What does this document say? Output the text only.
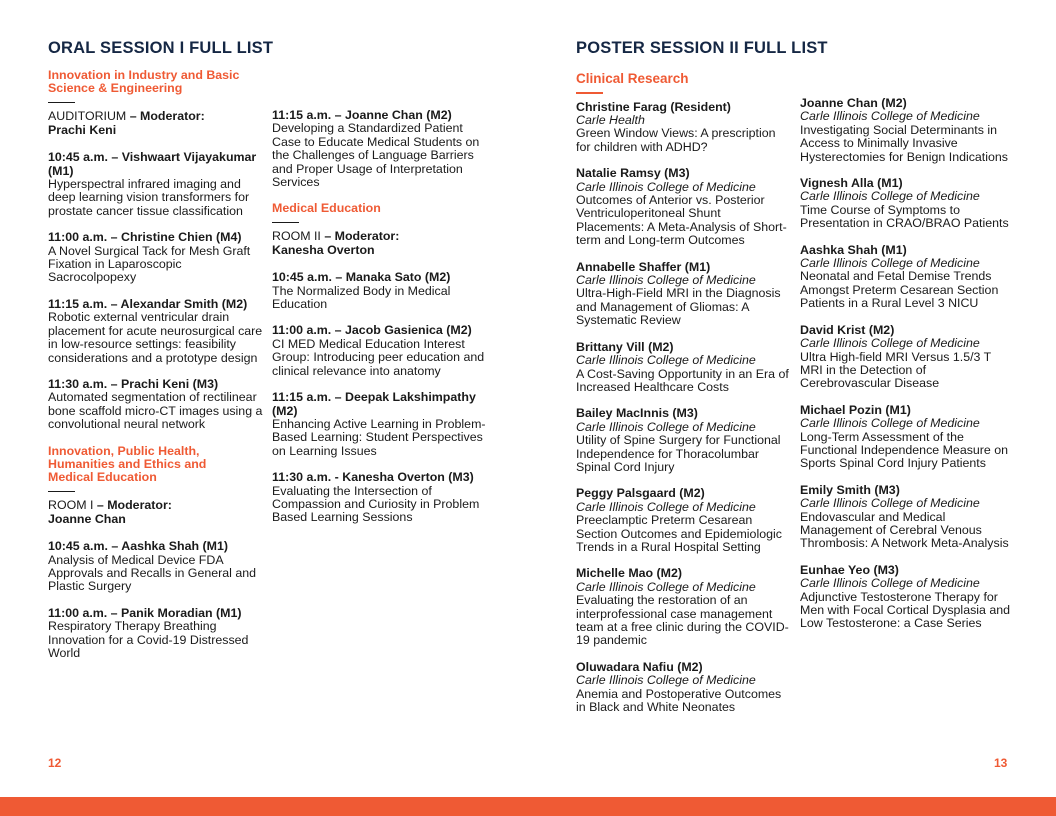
ORAL SESSION I FULL LIST
Innovation in Industry and Basic Science & Engineering
AUDITORIUM – Moderator:
Prachi Keni
10:45 a.m. – Vishwaart Vijayakumar (M1)
Hyperspectral infrared imaging and deep learning vision transformers for prostate cancer tissue classification
11:00 a.m. – Christine Chien (M4)
A Novel Surgical Tack for Mesh Graft Fixation in Laparoscopic Sacrocolpopexy
11:15 a.m. – Alexandar Smith (M2)
Robotic external ventricular drain placement for acute neurosurgical care in low-resource settings: feasibility considerations and a prototype design
11:30 a.m. – Prachi Keni (M3)
Automated segmentation of rectilinear bone scaffold micro-CT images using a convolutional neural network
Innovation, Public Health, Humanities and Ethics and Medical Education
ROOM I – Moderator:
Joanne Chan
10:45 a.m. – Aashka Shah (M1)
Analysis of Medical Device FDA Approvals and Recalls in General and Plastic Surgery
11:00 a.m. – Panik Moradian (M1)
Respiratory Therapy Breathing Innovation for a Covid-19 Distressed World
11:15 a.m. – Joanne Chan (M2)
Developing a Standardized Patient Case to Educate Medical Students on the Challenges of Language Barriers and Proper Usage of Interpretation Services
Medical Education
ROOM II – Moderator:
Kanesha Overton
10:45 a.m. – Manaka Sato (M2)
The Normalized Body in Medical Education
11:00 a.m. – Jacob Gasienica (M2)
CI MED Medical Education Interest Group: Introducing peer education and clinical relevance into anatomy
11:15 a.m. – Deepak Lakshimpathy (M2)
Enhancing Active Learning in Problem-Based Learning: Student Perspectives on Learning Issues
11:30 a.m. - Kanesha Overton (M3)
Evaluating the Intersection of Compassion and Curiosity in Problem Based Learning Sessions
12
POSTER SESSION II FULL LIST
Clinical Research
Christine Farag (Resident)
Carle Health
Green Window Views: A prescription for children with ADHD?
Natalie Ramsy (M3)
Carle Illinois College of Medicine
Outcomes of Anterior vs. Posterior Ventriculoperitoneal Shunt Placements: A Meta-Analysis of Short-term and Long-term Outcomes
Annabelle Shaffer (M1)
Carle Illinois College of Medicine
Ultra-High-Field MRI in the Diagnosis and Management of Gliomas: A Systematic Review
Brittany Vill (M2)
Carle Illinois College of Medicine
A Cost-Saving Opportunity in an Era of Increased Healthcare Costs
Bailey MacInnis (M3)
Carle Illinois College of Medicine
Utility of Spine Surgery for Functional Independence for Thoracolumbar Spinal Cord Injury
Peggy Palsgaard (M2)
Carle Illinois College of Medicine
Preeclamptic Preterm Cesarean Section Outcomes and Epidemiologic Trends in a Rural Hospital Setting
Michelle Mao (M2)
Carle Illinois College of Medicine
Evaluating the restoration of an interprofessional case management team at a free clinic during the COVID-19 pandemic
Oluwadara Nafiu (M2)
Carle Illinois College of Medicine
Anemia and Postoperative Outcomes in Black and White Neonates
Joanne Chan (M2)
Carle Illinois College of Medicine
Investigating Social Determinants in Access to Minimally Invasive Hysterectomies for Benign Indications
Vignesh Alla (M1)
Carle Illinois College of Medicine
Time Course of Symptoms to Presentation in CRAO/BRAO Patients
Aashka Shah (M1)
Carle Illinois College of Medicine
Neonatal and Fetal Demise Trends Amongst Preterm Cesarean Section Patients in a Rural Level 3 NICU
David Krist (M2)
Carle Illinois College of Medicine
Ultra High-field MRI Versus 1.5/3 T MRI in the Detection of Cerebrovascular Disease
Michael Pozin (M1)
Carle Illinois College of Medicine
Long-Term Assessment of the Functional Independence Measure on Sports Spinal Cord Injury Patients
Emily Smith (M3)
Carle Illinois College of Medicine
Endovascular and Medical Management of Cerebral Venous Thrombosis: A Network Meta-Analysis
Eunhae Yeo (M3)
Carle Illinois College of Medicine
Adjunctive Testosterone Therapy for Men with Focal Cortical Dysplasia and Low Testosterone: a Case Series
13
